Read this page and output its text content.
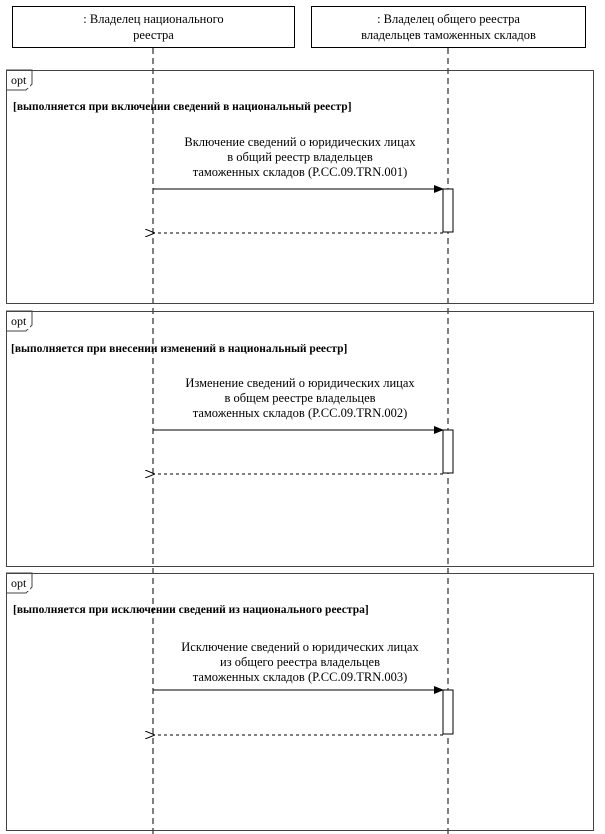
: Владелец национального
реестра
: Владелец общего реестра
владельцев таможенных складов
opt
[выполняется при включении сведений в национальный реестр]
Включение сведений о юридических лицах
в общий реестр владельцев
таможенных складов (P.CC.09.TRN.001)
opt
[выполняется при внесении изменений в национальный реестр]
Изменение сведений о юридических лицах
в общем реестре владельцев
таможенных складов (P.CC.09.TRN.002)
opt
[выполняется при исключении сведений из национального реестра]
Исключение сведений о юридических лицах
из общего реестра владельцев
таможенных складов (P.CC.09.TRN.003)
